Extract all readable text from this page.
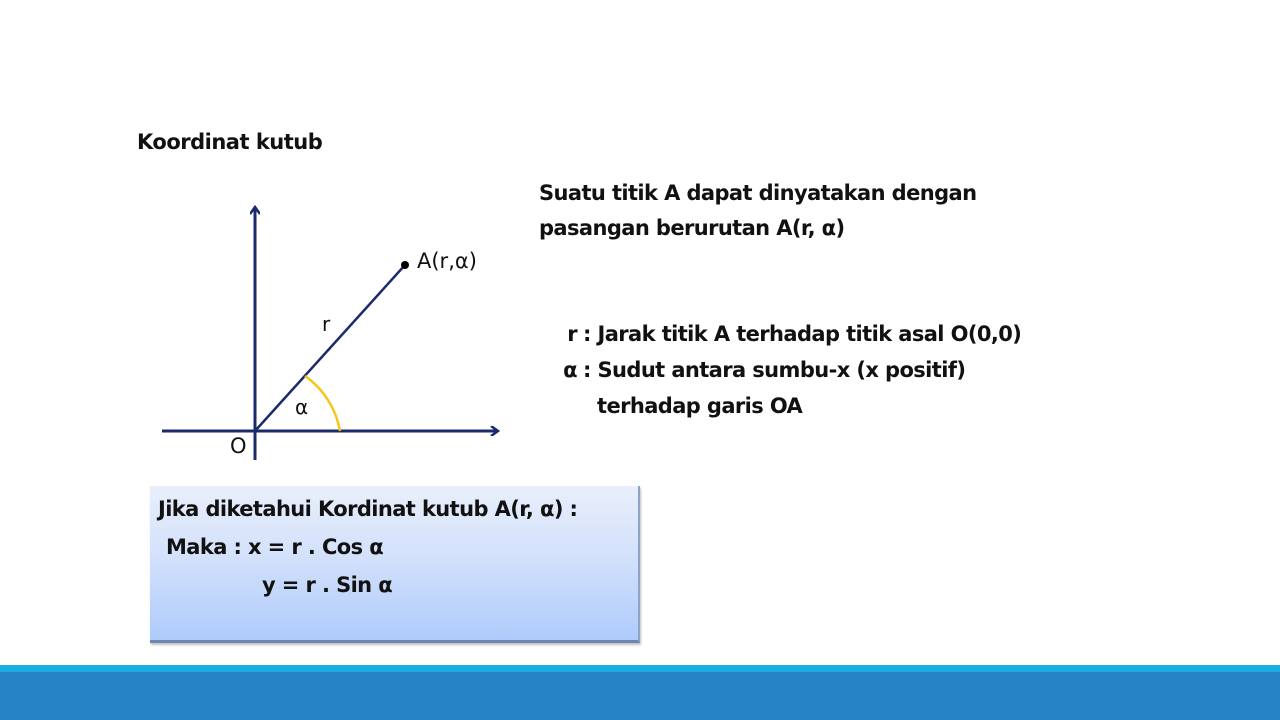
Koordinat kutub
A(r,α)
r
α
O
Suatu titik A dapat dinyatakan dengan
pasangan berurutan A(r, α)
r : Jarak titik A terhadap titik asal O(0,0)
α : Sudut antara sumbu-x (x positif)
terhadap garis OA
Jika diketahui Kordinat kutub A(r, α) :
Maka : x = r . Cos α
y = r . Sin α
